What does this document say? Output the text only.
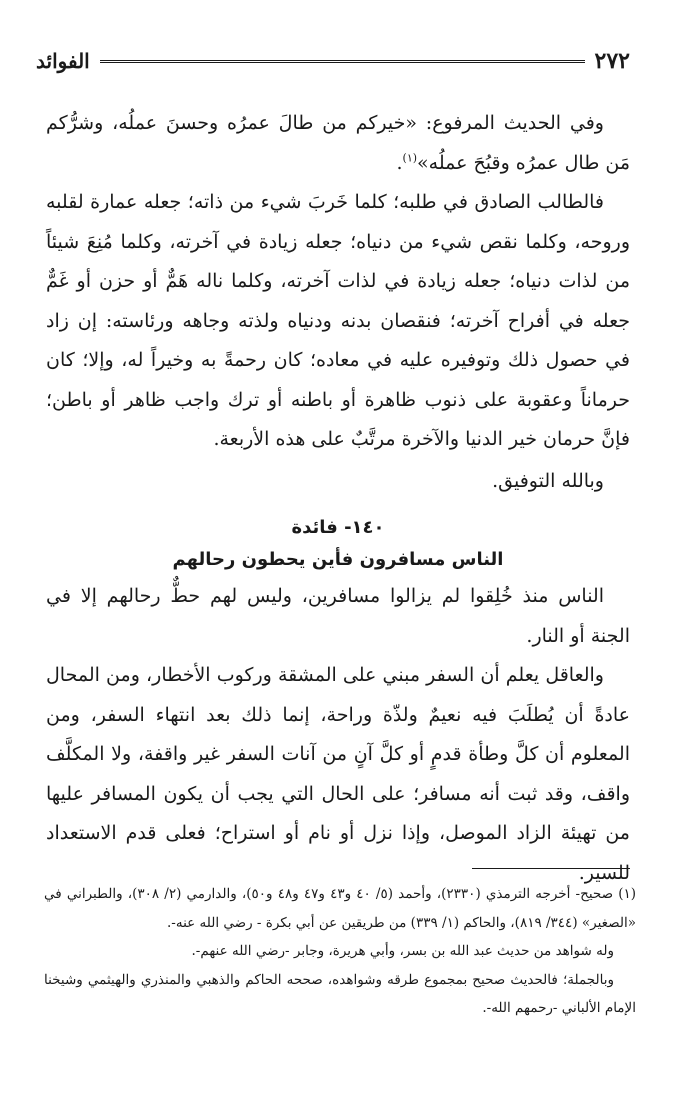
٢٧٢
الفوائد

وفي الحديث المرفوع: «خيركم من طالَ عمرُه وحسنَ عملُه، وشرُّكم مَن طال عمرُه وقبُحَ عملُه»$^{(١)}$.

فالطالب الصادق في طلبه؛ كلما خَربَ شيء من ذاته؛ جعله عمارة لقلبه وروحه، وكلما نقص شيء من دنياه؛ جعله زيادة في آخرته، وكلما مُنِعَ شيئاً من لذات دنياه؛ جعله زيادة في لذات آخرته، وكلما ناله هَمٌّ أو حزن أو غَمٌّ جعله في أفراح آخرته؛ فنقصان بدنه ودنياه ولذته وجاهه ورئاسته: إن زاد في حصول ذلك وتوفيره عليه في معاده؛ كان رحمةً به وخيراً له، وإلا؛ كان حرماناً وعقوبة على ذنوب ظاهرة أو باطنه أو ترك واجب ظاهر أو باطن؛ فإنَّ حرمان خير الدنيا والآخرة مرتَّبٌ على هذه الأربعة.

وبالله التوفيق.

١٤٠- فائدة
الناس مسافرون فأين يحطون رحالهم

الناس منذ خُلِقوا لم يزالوا مسافرين، وليس لهم حطٌّ رحالهم إلا في الجنة أو النار.

والعاقل يعلم أن السفر مبني على المشقة وركوب الأخطار، ومن المحال عادةً أن يُطلَبَ فيه نعيمٌ ولذّة وراحة، إنما ذلك بعد انتهاء السفر، ومن المعلوم أن كلَّ وطأة قدمٍ أو كلَّ آنٍ من آنات السفر غير واقفة، ولا المكلَّف واقف، وقد ثبت أنه مسافر؛ على الحال التي يجب أن يكون المسافر عليها من تهيئة الزاد الموصل، وإذا نزل أو نام أو استراح؛ فعلى قدم الاستعداد للسير.

(١) صحيح- أخرجه الترمذي (٢٣٣٠)، وأحمد (٥/ ٤٠ و٤٣ و٤٧ و٤٨ و٥٠)، والدارمي (٢/ ٣٠٨)، والطبراني في «الصغير» (٣٤٤/ ٨١٩)، والحاكم (١/ ٣٣٩) من طريقين عن أبي بكرة - رضي الله عنه-.

وله شواهد من حديث عبد الله بن بسر، وأبي هريرة، وجابر -رضي الله عنهم-.

وبالجملة؛ فالحديث صحيح بمجموع طرقه وشواهده، صححه الحاكم والذهبي والمنذري والهيثمي وشيخنا الإمام الألباني -رحمهم الله-.
